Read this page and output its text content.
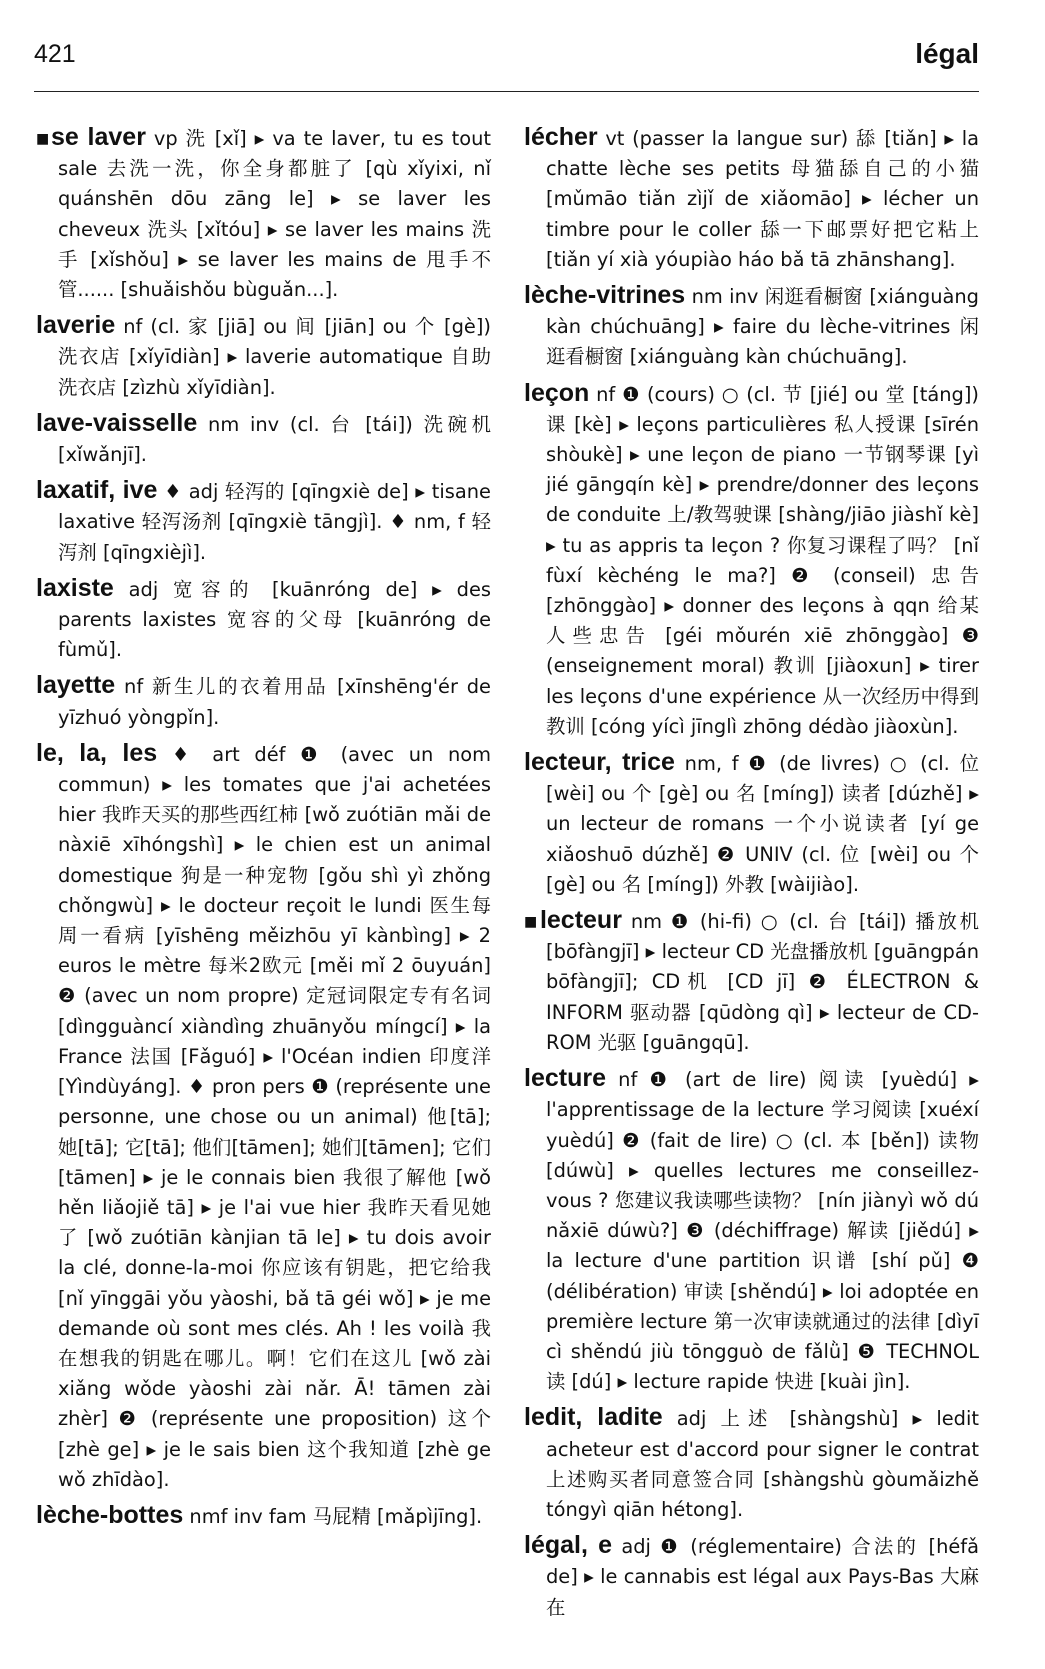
421	légal

■se laver vp 洗 [xǐ] ▸ va te laver, tu es tout sale 去洗一洗，你全身都脏了 [qù xǐyixi, nǐ quánshēn dōu zāng le] ▸ se laver les cheveux 洗头 [xǐtóu] ▸ se laver les mains 洗手 [xǐshǒu] ▸ se laver les mains de 甩手不管...... [shuǎishǒu bùguǎn...].

laverie nf (cl. 家 [jiā] ou 间 [jiān] ou 个 [gè]) 洗衣店 [xǐyīdiàn] ▸ laverie automatique 自助洗衣店 [zìzhù xǐyīdiàn].

lave-vaisselle nm inv (cl. 台 [tái]) 洗碗机 [xǐwǎnjī].

laxatif, ive ♦ adj 轻泻的 [qīngxiè de] ▸ tisane laxative 轻泻汤剂 [qīngxiè tāngjì]. ♦ nm, f 轻泻剂 [qīngxièjì].

laxiste adj 宽容的 [kuānróng de] ▸ des parents laxistes 宽容的父母 [kuānróng de fùmǔ].

layette nf 新生儿的衣着用品 [xīnshēng'ér de yīzhuó yòngpǐn].

le, la, les ♦ art déf ❶ (avec un nom commun) ▸ les tomates que j'ai achetées hier 我昨天买的那些西红柿 [wǒ zuótiān mǎi de nàxiē xīhóngshì] ▸ le chien est un animal domestique 狗是一种宠物 [gǒu shì yì zhǒng chǒngwù] ▸ le docteur reçoit le lundi 医生每周一看病 [yīshēng měizhōu yī kànbìng] ▸ 2 euros le mètre 每米2欧元 [měi mǐ 2 ōuyuán] ❷ (avec un nom propre) 定冠词限定专有名词 [dìngguàncí xiàndìng zhuānyǒu míngcí] ▸ la France 法国 [Fǎguó] ▸ l'Océan indien 印度洋 [Yìndùyáng]. ♦ pron pers ❶ (représente une personne, une chose ou un animal) 他[tā]; 她[tā]; 它[tā]; 他们[tāmen]; 她们[tāmen]; 它们[tāmen] ▸ je le connais bien 我很了解他 [wǒ hěn liǎojiě tā] ▸ je l'ai vue hier 我昨天看见她了 [wǒ zuótiān kànjian tā le] ▸ tu dois avoir la clé, donne-la-moi 你应该有钥匙，把它给我 [nǐ yīnggāi yǒu yàoshi, bǎ tā géi wǒ] ▸ je me demande où sont mes clés. Ah ! les voilà 我在想我的钥匙在哪儿。啊！它们在这儿 [wǒ zài xiǎng wǒde yàoshi zài nǎr. Ā! tāmen zài zhèr] ❷ (représente une proposition) 这个 [zhè ge] ▸ je le sais bien 这个我知道 [zhè ge wǒ zhīdào].

lèche-bottes nmf inv fam 马屁精 [mǎpìjīng].

lécher vt (passer la langue sur) 舔 [tiǎn] ▸ la chatte lèche ses petits 母猫舔自己的小猫 [mǔmāo tiǎn zìjǐ de xiǎomāo] ▸ lécher un timbre pour le coller 舔一下邮票好把它粘上 [tiǎn yí xià yóupiào háo bǎ tā zhānshang].

lèche-vitrines nm inv 闲逛看橱窗 [xiánguàng kàn chúchuāng] ▸ faire du lèche-vitrines 闲逛看橱窗 [xiánguàng kàn chúchuāng].

leçon nf ❶ (cours) ○ (cl. 节 [jié] ou 堂 [táng]) 课 [kè] ▸ leçons particulières 私人授课 [sīrén shòukè] ▸ une leçon de piano 一节钢琴课 [yì jié gāngqín kè] ▸ prendre/donner des leçons de conduite 上/教驾驶课 [shàng/jiāo jiàshǐ kè] ▸ tu as appris ta leçon ? 你复习课程了吗？ [nǐ fùxí kèchéng le ma?] ❷ (conseil) 忠告 [zhōnggào] ▸ donner des leçons à qqn 给某人些忠告 [géi mǒurén xiē zhōnggào] ❸ (enseignement moral) 教训 [jiàoxun] ▸ tirer les leçons d'une expérience 从一次经历中得到教训 [cóng yícì jīnglì zhōng dédào jiàoxùn].

lecteur, trice nm, f ❶ (de livres) ○ (cl. 位 [wèi] ou 个 [gè] ou 名 [míng]) 读者 [dúzhě] ▸ un lecteur de romans 一个小说读者 [yí ge xiǎoshuō dúzhě] ❷ UNIV (cl. 位 [wèi] ou 个 [gè] ou 名 [míng]) 外教 [wàijiào].

■lecteur nm ❶ (hi-fi) ○ (cl. 台 [tái]) 播放机 [bōfàngjī] ▸ lecteur CD 光盘播放机 [guāngpán bōfàngjī]; CD机 [CD jī] ❷ ÉLECTRON & INFORM 驱动器 [qūdòng qì] ▸ lecteur de CD-ROM 光驱 [guāngqū].

lecture nf ❶ (art de lire) 阅读 [yuèdú] ▸ l'apprentissage de la lecture 学习阅读 [xuéxí yuèdú] ❷ (fait de lire) ○ (cl. 本 [běn]) 读物 [dúwù] ▸ quelles lectures me conseillez-vous ? 您建议我读哪些读物？ [nín jiànyì wǒ dú nǎxiē dúwù?] ❸ (déchiffrage) 解读 [jiědú] ▸ la lecture d'une partition 识谱 [shí pǔ] ❹ (délibération) 审读 [shěndú] ▸ loi adoptée en première lecture 第一次审读就通过的法律 [dìyī cì shěndú jiù tōngguò de fǎlǜ] ❺ TECHNOL 读 [dú] ▸ lecture rapide 快进 [kuài jìn].

ledit, ladite adj 上述 [shàngshù] ▸ ledit acheteur est d'accord pour signer le contrat 上述购买者同意签合同 [shàngshù gòumǎizhě tóngyì qiān hétong].

légal, e adj ❶ (réglementaire) 合法的 [héfǎ de] ▸ le cannabis est légal aux Pays-Bas 大麻在
